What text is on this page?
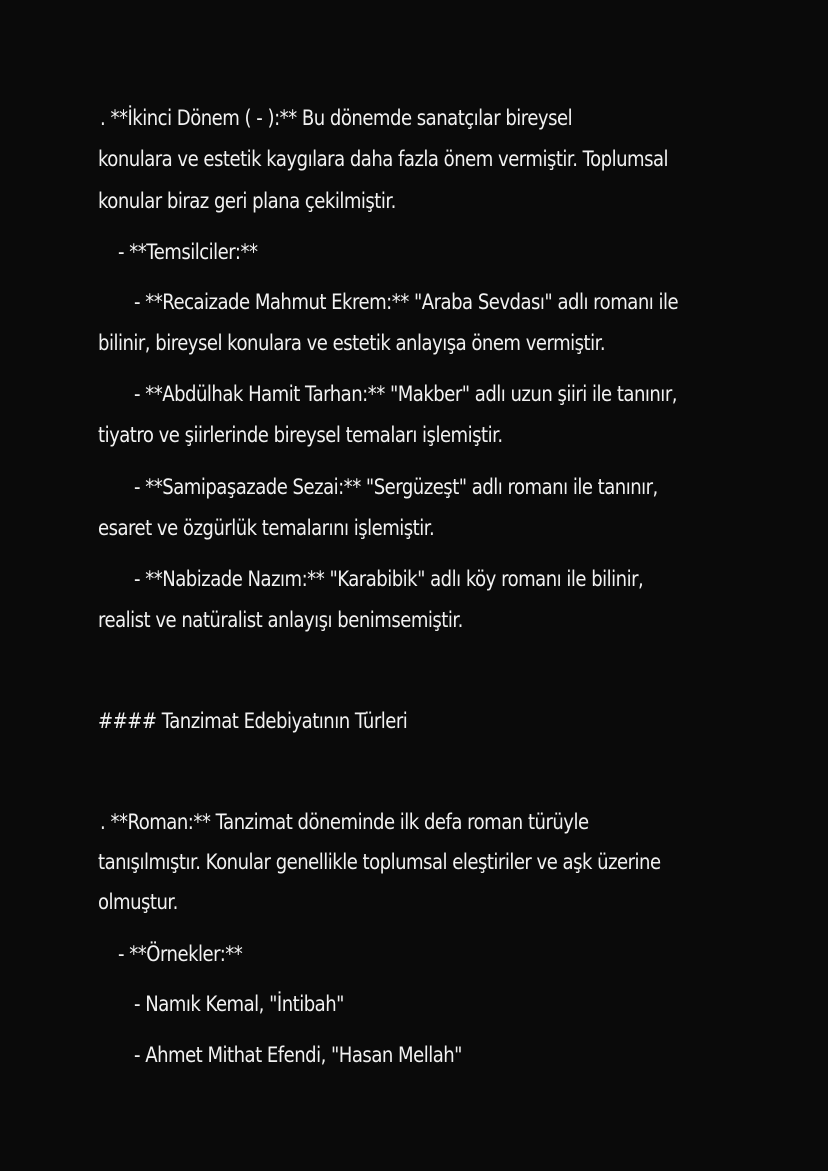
. **İkinci Dönem ( - ):** Bu dönemde sanatçılar bireysel
konulara ve estetik kaygılara daha fazla önem vermiştir. Toplumsal
konular biraz geri plana çekilmiştir.
- **Temsilciler:**
- **Recaizade Mahmut Ekrem:** "Araba Sevdası" adlı romanı ile
bilinir, bireysel konulara ve estetik anlayışa önem vermiştir.
- **Abdülhak Hamit Tarhan:** "Makber" adlı uzun şiiri ile tanınır,
tiyatro ve şiirlerinde bireysel temaları işlemiştir.
- **Samipaşazade Sezai:** "Sergüzeşt" adlı romanı ile tanınır,
esaret ve özgürlük temalarını işlemiştir.
- **Nabizade Nazım:** "Karabibik" adlı köy romanı ile bilinir,
realist ve natüralist anlayışı benimsemiştir.
#### Tanzimat Edebiyatının Türleri
. **Roman:** Tanzimat döneminde ilk defa roman türüyle
tanışılmıştır. Konular genellikle toplumsal eleştiriler ve aşk üzerine
olmuştur.
- **Örnekler:**
- Namık Kemal, "İntibah"
- Ahmet Mithat Efendi, "Hasan Mellah"
